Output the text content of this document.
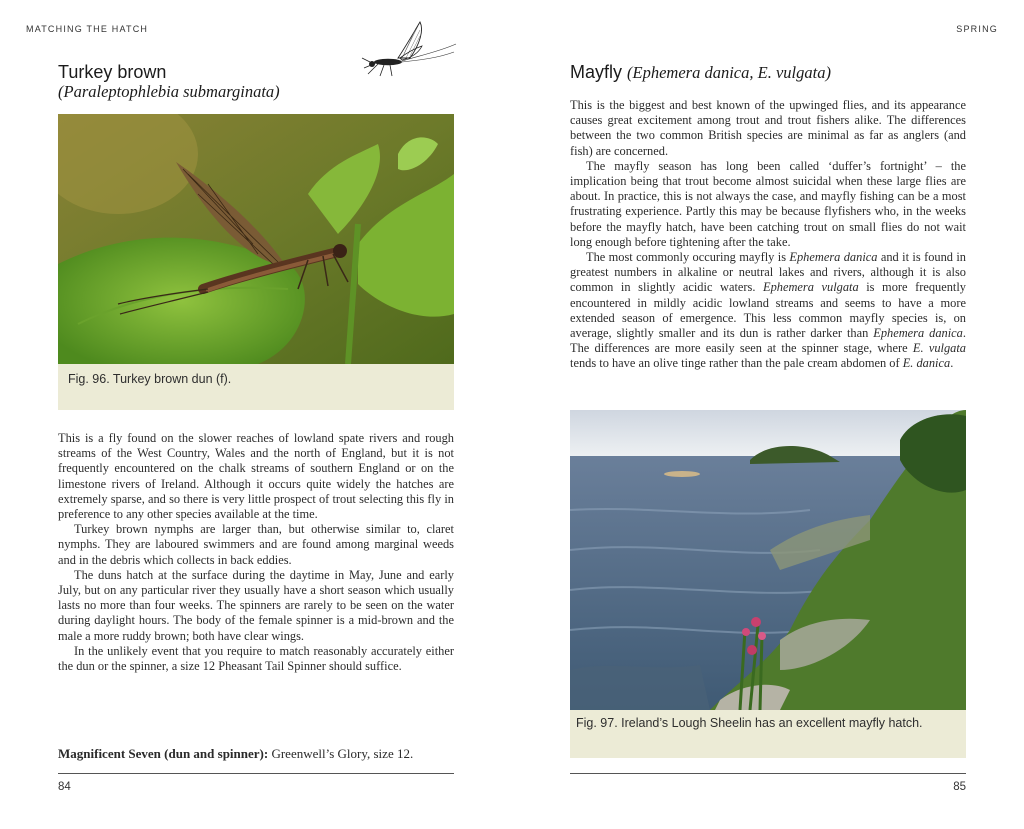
MATCHING THE HATCH
Turkey brown
(Paraleptophlebia submarginata)
Fig. 96. Turkey brown dun (f).

This is a fly found on the slower reaches of lowland spate rivers and rough streams of the West Country, Wales and the north of England, but it is not frequently encountered on the chalk streams of southern England or on the limestone rivers of Ireland. Although it occurs quite widely the hatches are extremely sparse, and so there is very little prospect of trout selecting this fly in preference to any other species available at the time.

Turkey brown nymphs are larger than, but otherwise similar to, claret nymphs. They are laboured swimmers and are found among marginal weeds and in the debris which collects in back eddies.

The duns hatch at the surface during the daytime in May, June and early July, but on any particular river they usually have a short season which usually lasts no more than four weeks. The spinners are rarely to be seen on the water during daylight hours. The body of the female spinner is a mid-brown and the male a more ruddy brown; both have clear wings.

In the unlikely event that you require to match reasonably accurately either the dun or the spinner, a size 12 Pheasant Tail Spinner should suffice.

Magnificent Seven (dun and spinner): Greenwell’s Glory, size 12.
84
SPRING
Mayfly (Ephemera danica, E. vulgata)

This is the biggest and best known of the upwinged flies, and its appearance causes great excitement among trout and trout fishers alike. The differences between the two common British species are minimal as far as anglers (and fish) are concerned.

The mayfly season has long been called ‘duffer’s fortnight’ – the implication being that trout become almost suicidal when these large flies are about. In practice, this is not always the case, and mayfly fishing can be a most frustrating experience. Partly this may be because flyfishers who, in the weeks before the mayfly hatch, have been catching trout on small flies do not wait long enough before tightening after the take.

The most commonly occuring mayfly is Ephemera danica and it is found in greatest numbers in alkaline or neutral lakes and rivers, although it is also common in slightly acidic waters. Ephemera vulgata is more frequently encountered in mildly acidic lowland streams and seems to have a more extended season of emergence. This less common mayfly species is, on average, slightly smaller and its dun is rather darker than Ephemera danica. The differences are more easily seen at the spinner stage, where E. vulgata tends to have an olive tinge rather than the pale cream abdomen of E. danica.

Fig. 97. Ireland’s Lough Sheelin has an excellent mayfly hatch.
85
